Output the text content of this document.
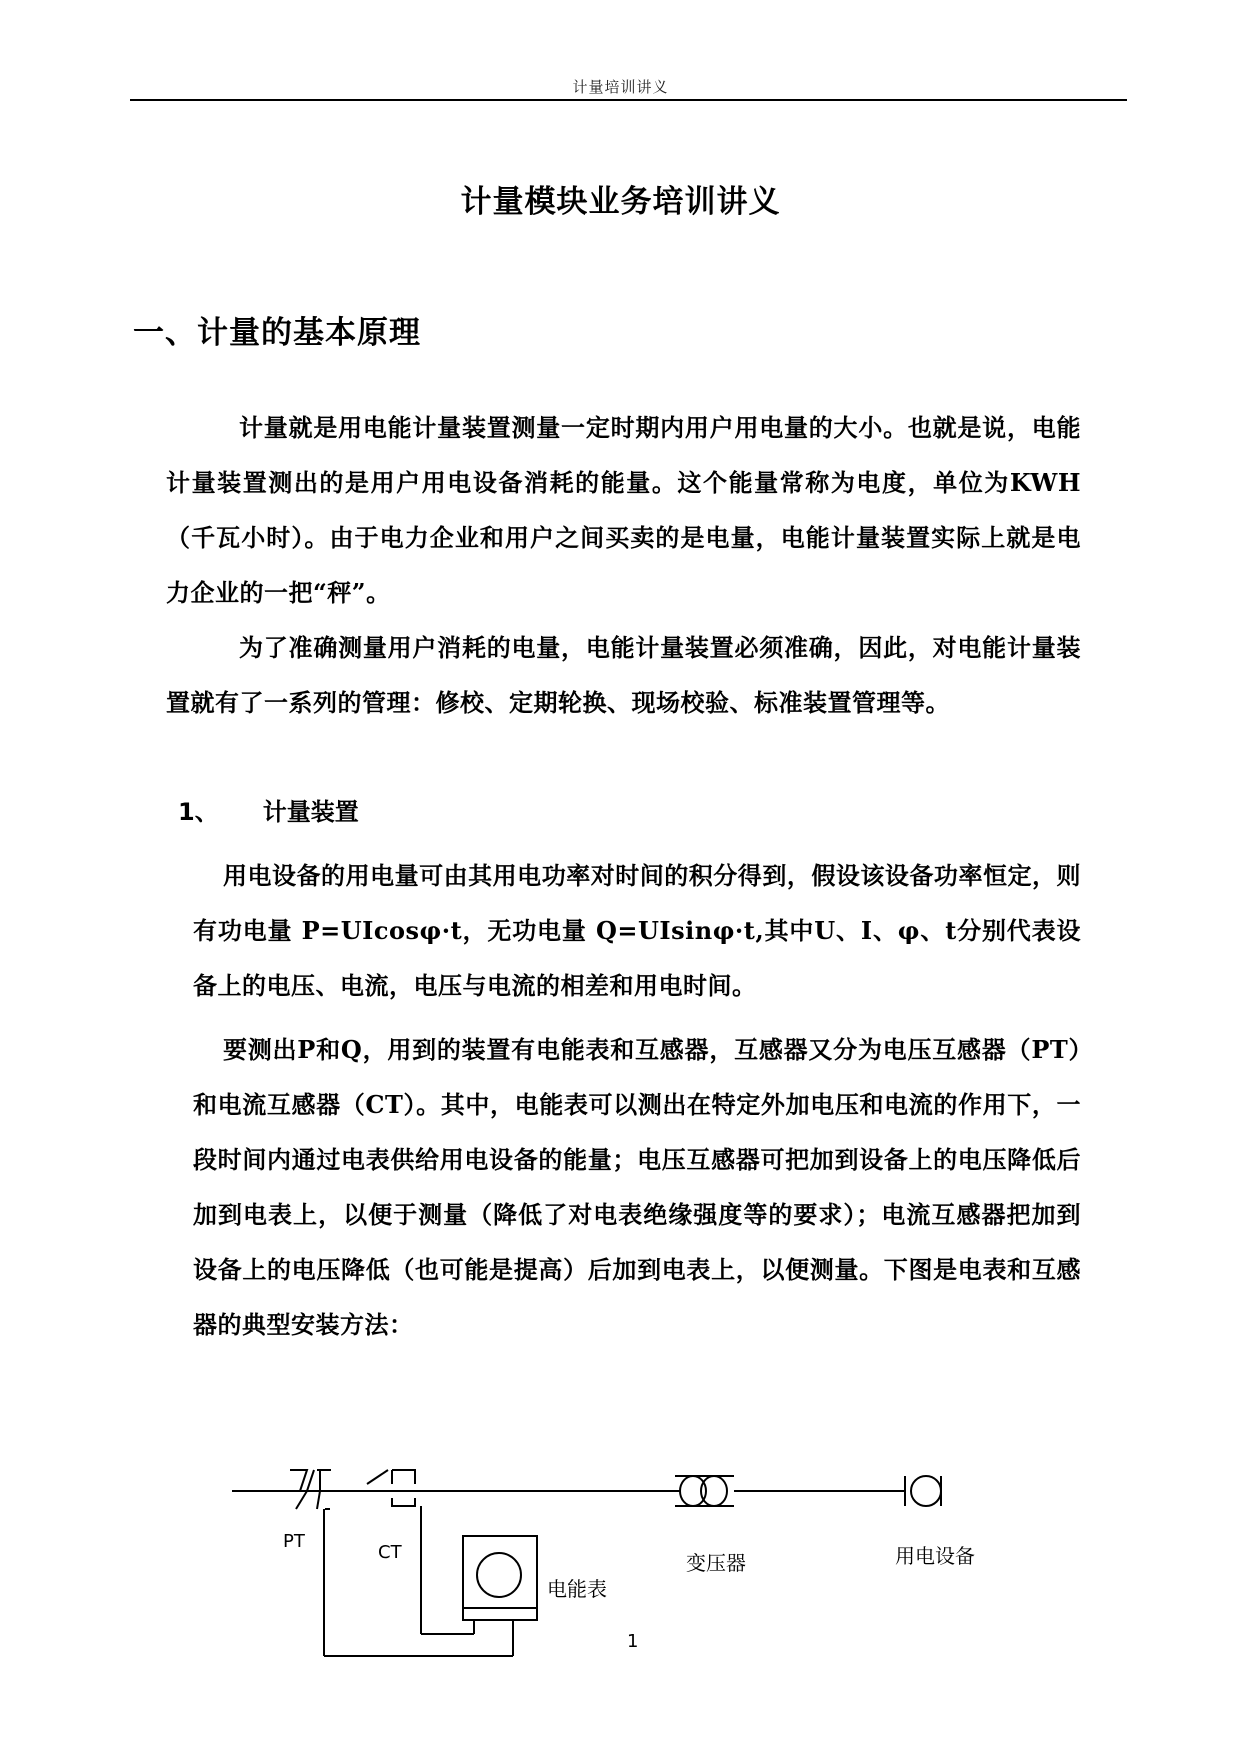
计量培训讲义
计量模块业务培训讲义
一、计量的基本原理

计量就是用电能计量装置测量一定时期内用户用电量的大小。也就是说，电能计量装置测出的是用户用电设备消耗的能量。这个能量常称为电度，单位为KWH（千瓦小时）。由于电力企业和用户之间买卖的是电量，电能计量装置实际上就是电力企业的一把“秤”。

为了准确测量用户消耗的电量，电能计量装置必须准确，因此，对电能计量装置就有了一系列的管理：修校、定期轮换、现场校验、标准装置管理等。

1、 计量装置

用电设备的用电量可由其用电功率对时间的积分得到，假设该设备功率恒定，则有功电量 P=UIcosφ·t，无功电量 Q=UIsinφ·t,其中U、I、φ、t分别代表设备上的电压、电流，电压与电流的相差和用电时间。

要测出P和Q，用到的装置有电能表和互感器，互感器又分为电压互感器（PT）和电流互感器（CT）。其中，电能表可以测出在特定外加电压和电流的作用下，一段时间内通过电表供给用电设备的能量；电压互感器可把加到设备上的电压降低后加到电表上，以便于测量（降低了对电表绝缘强度等的要求）；电流互感器把加到设备上的电压降低（也可能是提高）后加到电表上，以便测量。下图是电表和互感器的典型安装方法：

PT
CT
电能表
变压器	用电设备
1
